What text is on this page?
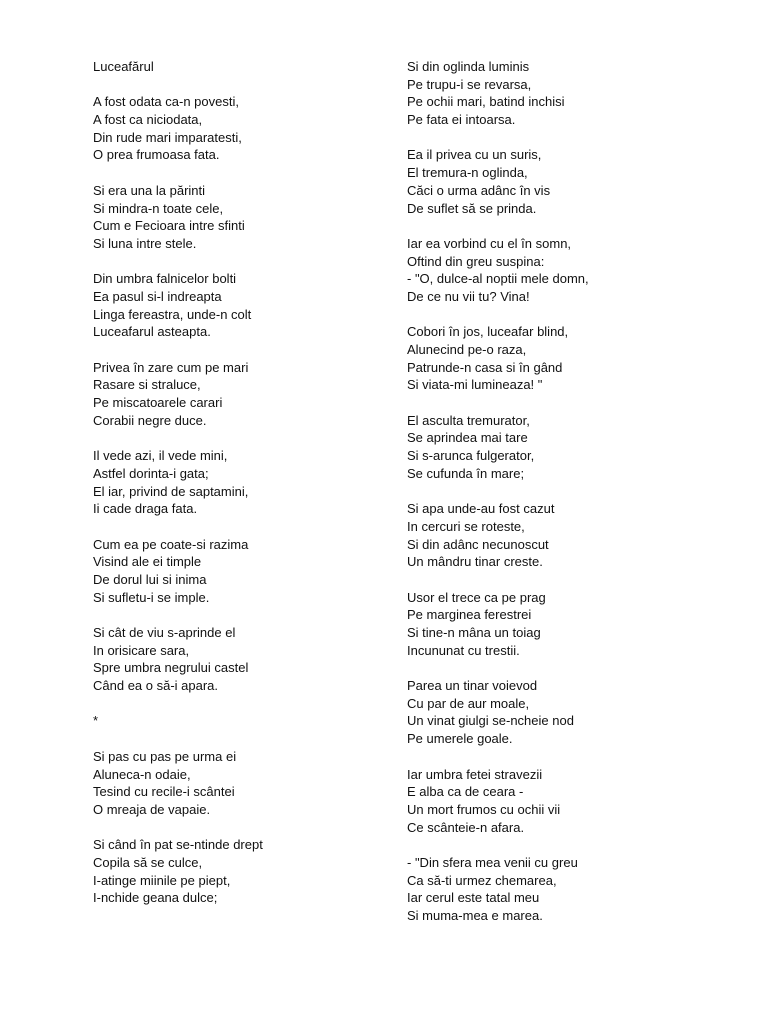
Luceafărul
A fost odata ca-n povesti,
A fost ca niciodata,
Din rude mari imparatesti,
O prea frumoasa fata.
Si era una la părinti
Si mindra-n toate cele,
Cum e Fecioara intre sfinti
Si luna intre stele.
Din umbra falnicelor bolti
Ea pasul si-l indreapta
Linga fereastra, unde-n colt
Luceafarul asteapta.
Privea în zare cum pe mari
Rasare si straluce,
Pe miscatoarele carari
Corabii negre duce.
Il vede azi, il vede mini,
Astfel dorinta-i gata;
El iar, privind de saptamini,
Ii cade draga fata.
Cum ea pe coate-si razima
Visind ale ei timple
De dorul lui si inima
Si sufletu-i se imple.
Si cât de viu s-aprinde el
In orisicare sara,
Spre umbra negrului castel
Când ea o să-i apara.
*
Si pas cu pas pe urma ei
Aluneca-n odaie,
Tesind cu recile-i scântei
O mreaja de vapaie.
Si când în pat se-ntinde drept
Copila să se culce,
I-atinge miinile pe piept,
I-nchide geana dulce;
Si din oglinda luminis
Pe trupu-i se revarsa,
Pe ochii mari, batind inchisi
Pe fata ei intoarsa.
Ea il privea cu un suris,
El tremura-n oglinda,
Căci o urma adânc în vis
De suflet să se prinda.
Iar ea vorbind cu el în somn,
Oftind din greu suspina:
- "O, dulce-al noptii mele domn,
De ce nu vii tu? Vina!
Cobori în jos, luceafar blind,
Alunecind pe-o raza,
Patrunde-n casa si în gând
Si viata-mi lumineaza! "
El asculta tremurator,
Se aprindea mai tare
Si s-arunca fulgerator,
Se cufunda în mare;
Si apa unde-au fost cazut
In cercuri se roteste,
Si din adânc necunoscut
Un mândru tinar creste.
Usor el trece ca pe prag
Pe marginea ferestrei
Si tine-n mâna un toiag
Incununat cu trestii.
Parea un tinar voievod
Cu par de aur moale,
Un vinat giulgi se-ncheie nod
Pe umerele goale.
Iar umbra fetei stravezii
E alba ca de ceara -
Un mort frumos cu ochii vii
Ce scânteie-n afara.
- "Din sfera mea venii cu greu
Ca să-ti urmez chemarea,
Iar cerul este tatal meu
Si muma-mea e marea.
